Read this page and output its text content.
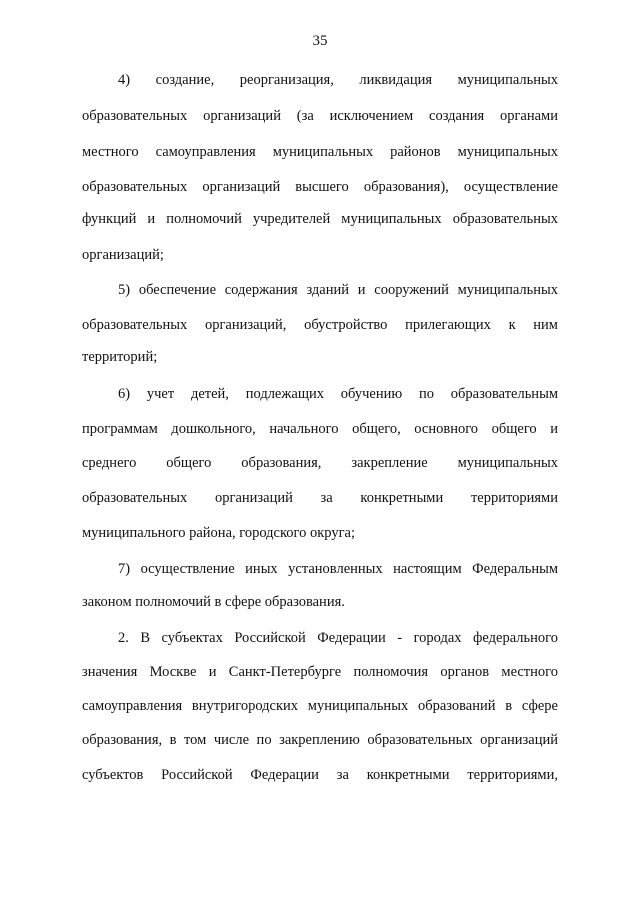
35
4) создание, реорганизация, ликвидация муниципальных
образовательных организаций (за исключением создания органами
местного самоуправления муниципальных районов муниципальных
образовательных организаций высшего образования), осуществление
функций и полномочий учредителей муниципальных образовательных
организаций;
5) обеспечение содержания зданий и сооружений муниципальных
образовательных организаций, обустройство прилегающих к ним
территорий;
6) учет детей, подлежащих обучению по образовательным
программам дошкольного, начального общего, основного общего и
среднего общего образования, закрепление муниципальных
образовательных организаций за конкретными территориями
муниципального района, городского округа;
7) осуществление иных установленных настоящим Федеральным
законом полномочий в сфере образования.
2. В субъектах Российской Федерации - городах федерального
значения Москве и Санкт-Петербурге полномочия органов местного
самоуправления внутригородских муниципальных образований в сфере
образования, в том числе по закреплению образовательных организаций
субъектов Российской Федерации за конкретными территориями,
